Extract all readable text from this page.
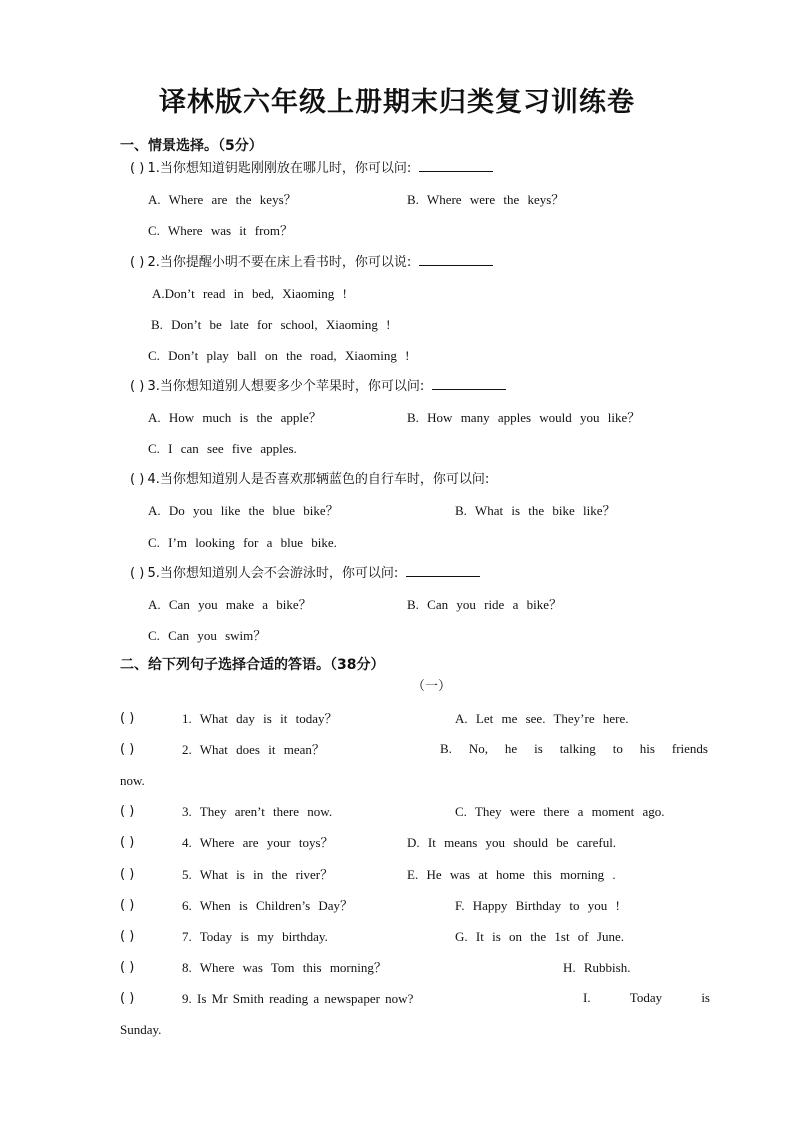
译林版六年级上册期末归类复习训练卷
一、情景选择。（5分）
( ) 1.当你想知道钥匙刚刚放在哪儿时，你可以问:
A. Where are the keys？	B. Where were the keys？
C. Where was it from？
( ) 2.当你提醒小明不要在床上看书时，你可以说:
A.Don’t read in bed, Xiaoming !
B. Don’t be late for school, Xiaoming !
C. Don’t play ball on the road, Xiaoming !
( ) 3.当你想知道别人想要多少个苹果时，你可以问:
A. How much is the apple？	B. How many apples would you like？
C. I can see five apples.
( ) 4.当你想知道别人是否喜欢那辆蓝色的自行车时，你可以问:
A. Do you like the blue bike？	B. What is the bike like？
C. I’m looking for a blue bike.
( ) 5.当你想知道别人会不会游泳时，你可以问:
A. Can you make a bike？	B. Can you ride a bike？
C. Can you swim？
二、给下列句子选择合适的答语。（38分）
（一）
( )	1. What day is it today？	A. Let me see. They’re here.
( )	2. What does it mean？	B. No, he is talking to his friends
now.
( )	3. They aren’t there now.	C. They were there a moment ago.
( )	4. Where are your toys？	D. It means you should be careful.
( )	5. What is in the river？	E. He was at home this morning .
( )	6. When is Children’s Day？	F. Happy Birthday to you !
( )	7. Today is my birthday.	G. It is on the 1st of June.
( )	8. Where was Tom this morning？	H. Rubbish.
( )	9. Is Mr Smith reading a newspaper now?	I.	Today	is
Sunday.
